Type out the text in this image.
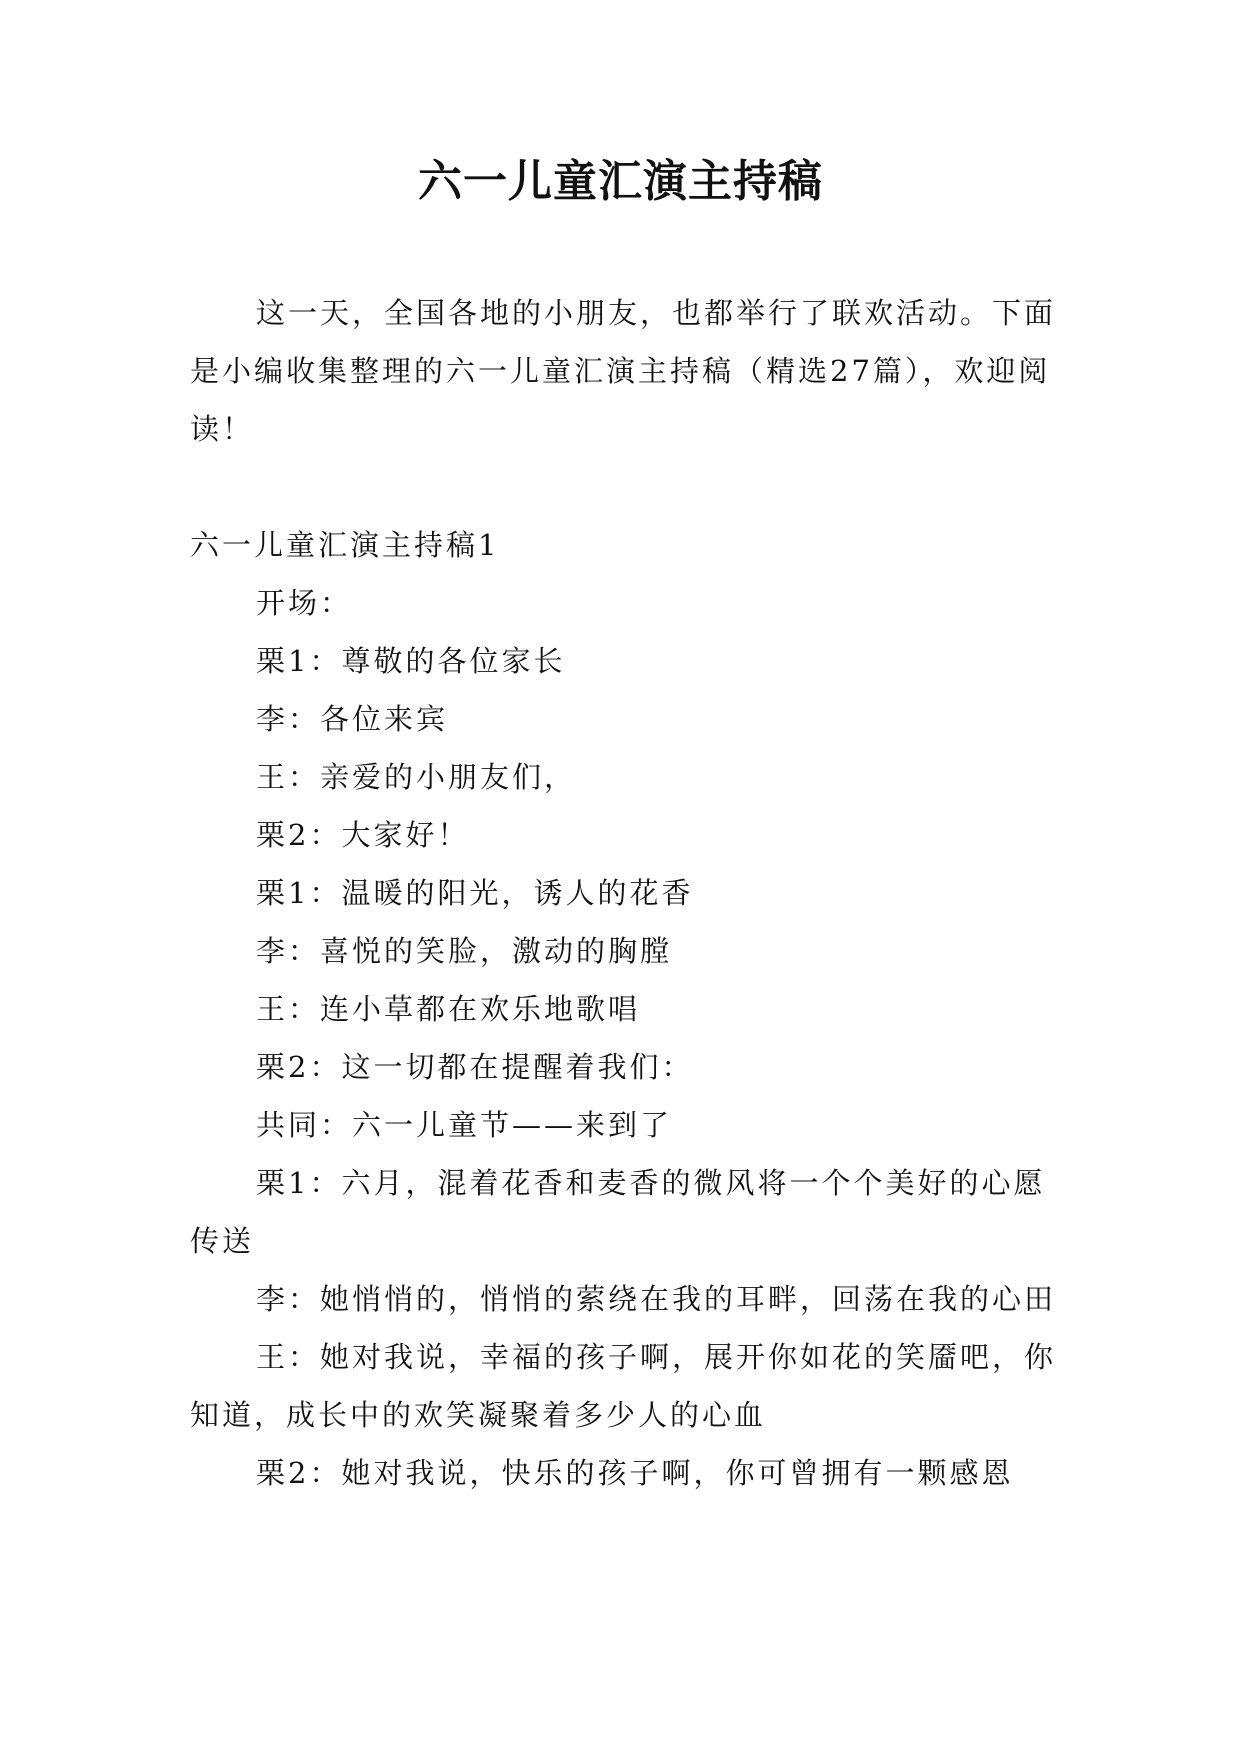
六一儿童汇演主持稿

这一天，全国各地的小朋友，也都举行了联欢活动。下面是小编收集整理的六一儿童汇演主持稿（精选27篇），欢迎阅读！

六一儿童汇演主持稿1

开场：

栗1：尊敬的各位家长

李：各位来宾

王：亲爱的小朋友们，

栗2：大家好！

栗1：温暖的阳光，诱人的花香

李：喜悦的笑脸，激动的胸膛

王：连小草都在欢乐地歌唱

栗2：这一切都在提醒着我们：

共同：六一儿童节——来到了

栗1：六月，混着花香和麦香的微风将一个个美好的心愿传送

李：她悄悄的，悄悄的萦绕在我的耳畔，回荡在我的心田

王：她对我说，幸福的孩子啊，展开你如花的笑靥吧，你知道，成长中的欢笑凝聚着多少人的心血

栗2：她对我说，快乐的孩子啊，你可曾拥有一颗感恩
